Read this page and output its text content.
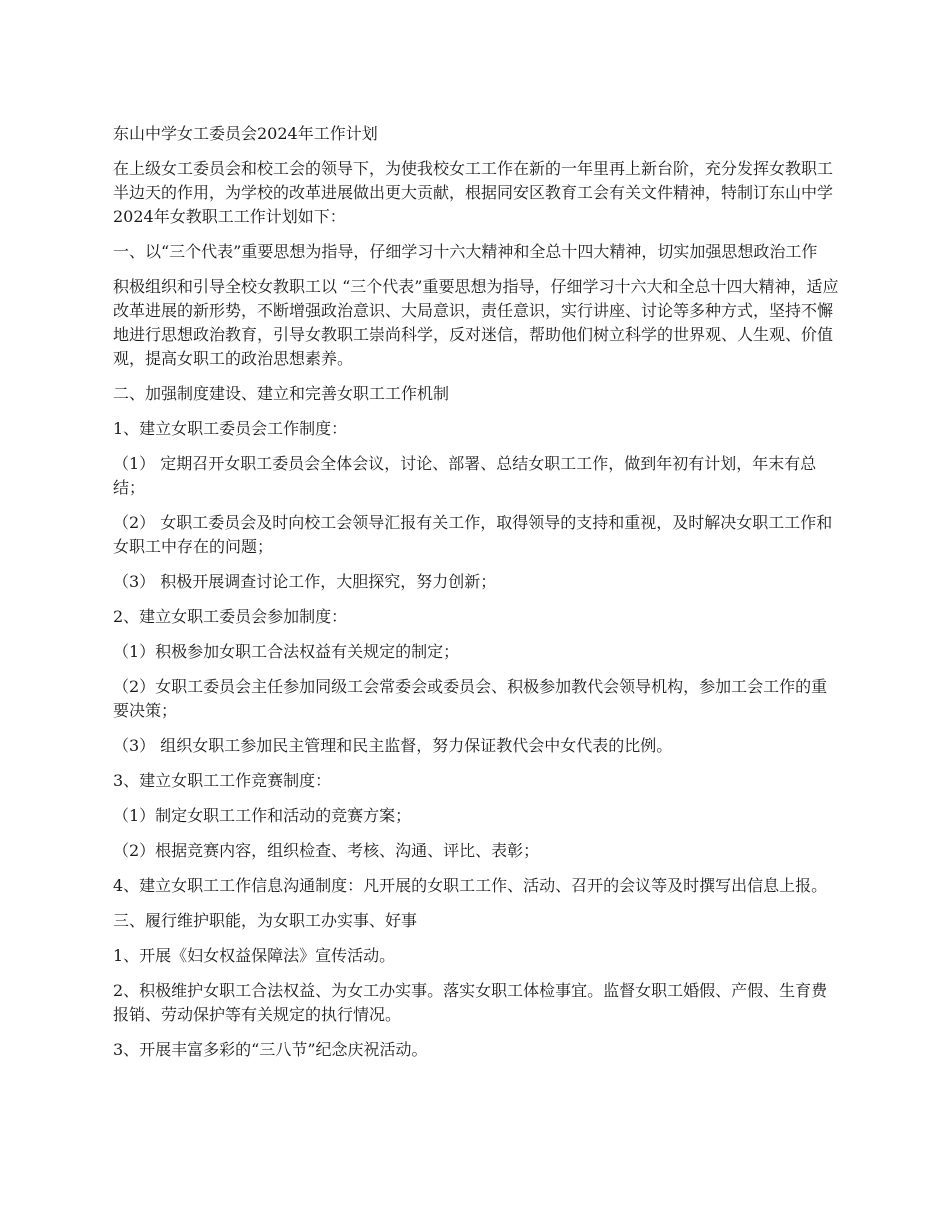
东山中学女工委员会2024年工作计划

在上级女工委员会和校工会的领导下，为使我校女工工作在新的一年里再上新台阶，充分发挥女教职工半边天的作用，为学校的改革进展做出更大贡献，根据同安区教育工会有关文件精神，特制订东山中学2024年女教职工工作计划如下：

一、以“三个代表”重要思想为指导，仔细学习十六大精神和全总十四大精神，切实加强思想政治工作

积极组织和引导全校女教职工以 “三个代表”重要思想为指导，仔细学习十六大和全总十四大精神，适应改革进展的新形势，不断增强政治意识、大局意识，责任意识，实行讲座、讨论等多种方式，坚持不懈地进行思想政治教育，引导女教职工崇尚科学，反对迷信，帮助他们树立科学的世界观、人生观、价值观，提高女职工的政治思想素养。

二、加强制度建设、建立和完善女职工工作机制

1、建立女职工委员会工作制度：

（1） 定期召开女职工委员会全体会议，讨论、部署、总结女职工工作，做到年初有计划，年末有总结；

（2） 女职工委员会及时向校工会领导汇报有关工作，取得领导的支持和重视，及时解决女职工工作和女职工中存在的问题；

（3） 积极开展调查讨论工作，大胆探究，努力创新；

2、建立女职工委员会参加制度：

（1）积极参加女职工合法权益有关规定的制定；

（2）女职工委员会主任参加同级工会常委会或委员会、积极参加教代会领导机构，参加工会工作的重要决策；

（3） 组织女职工参加民主管理和民主监督，努力保证教代会中女代表的比例。

3、建立女职工工作竞赛制度：

（1）制定女职工工作和活动的竞赛方案；

（2）根据竞赛内容，组织检查、考核、沟通、评比、表彰；

4、建立女职工工作信息沟通制度：凡开展的女职工工作、活动、召开的会议等及时撰写出信息上报。

三、履行维护职能，为女职工办实事、好事

1、开展《妇女权益保障法》宣传活动。

2、积极维护女职工合法权益、为女工办实事。落实女职工体检事宜。监督女职工婚假、产假、生育费报销、劳动保护等有关规定的执行情况。

3、开展丰富多彩的“三八节”纪念庆祝活动。
